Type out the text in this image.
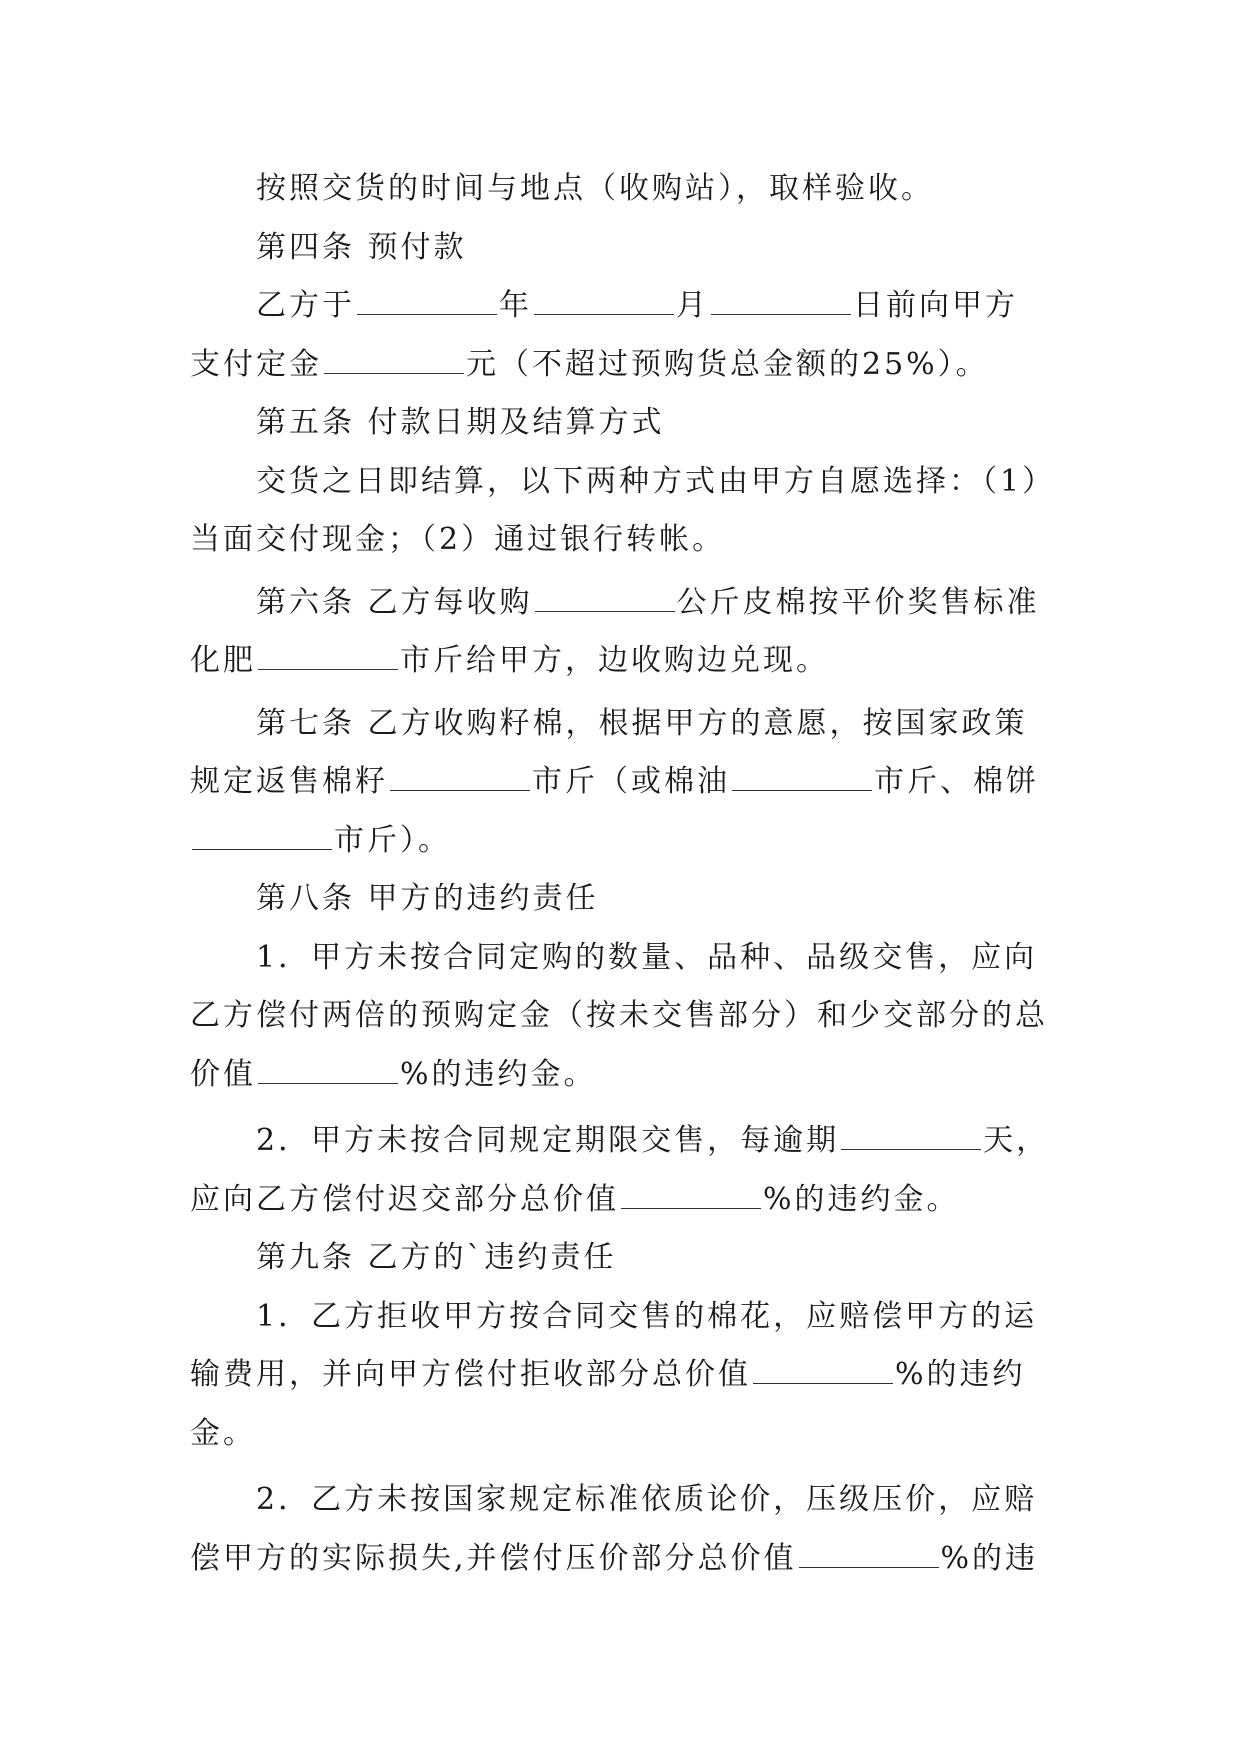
按照交货的时间与地点（收购站），取样验收。
第四条 预付款
乙方于	年	月	日前向甲方
支付定金	元（不超过预购货总金额的25%）。
第五条 付款日期及结算方式
交货之日即结算，以下两种方式由甲方自愿选择：（1）
当面交付现金；（2）通过银行转帐。
第六条 乙方每收购	公斤皮棉按平价奖售标准
化肥	市斤给甲方，边收购边兑现。
第七条 乙方收购籽棉，根据甲方的意愿，按国家政策
规定返售棉籽	市斤（或棉油	市斤、棉饼
市斤）。
第八条 甲方的违约责任
1．甲方未按合同定购的数量、品种、品级交售，应向
乙方偿付两倍的预购定金（按未交售部分）和少交部分的总
价值	%的违约金。
2．甲方未按合同规定期限交售，每逾期	天，
应向乙方偿付迟交部分总价值	%的违约金。
第九条 乙方的`违约责任
1．乙方拒收甲方按合同交售的棉花，应赔偿甲方的运
输费用，并向甲方偿付拒收部分总价值	%的违约
金。
2．乙方未按国家规定标准依质论价，压级压价，应赔
偿甲方的实际损失,并偿付压价部分总价值	%的违
